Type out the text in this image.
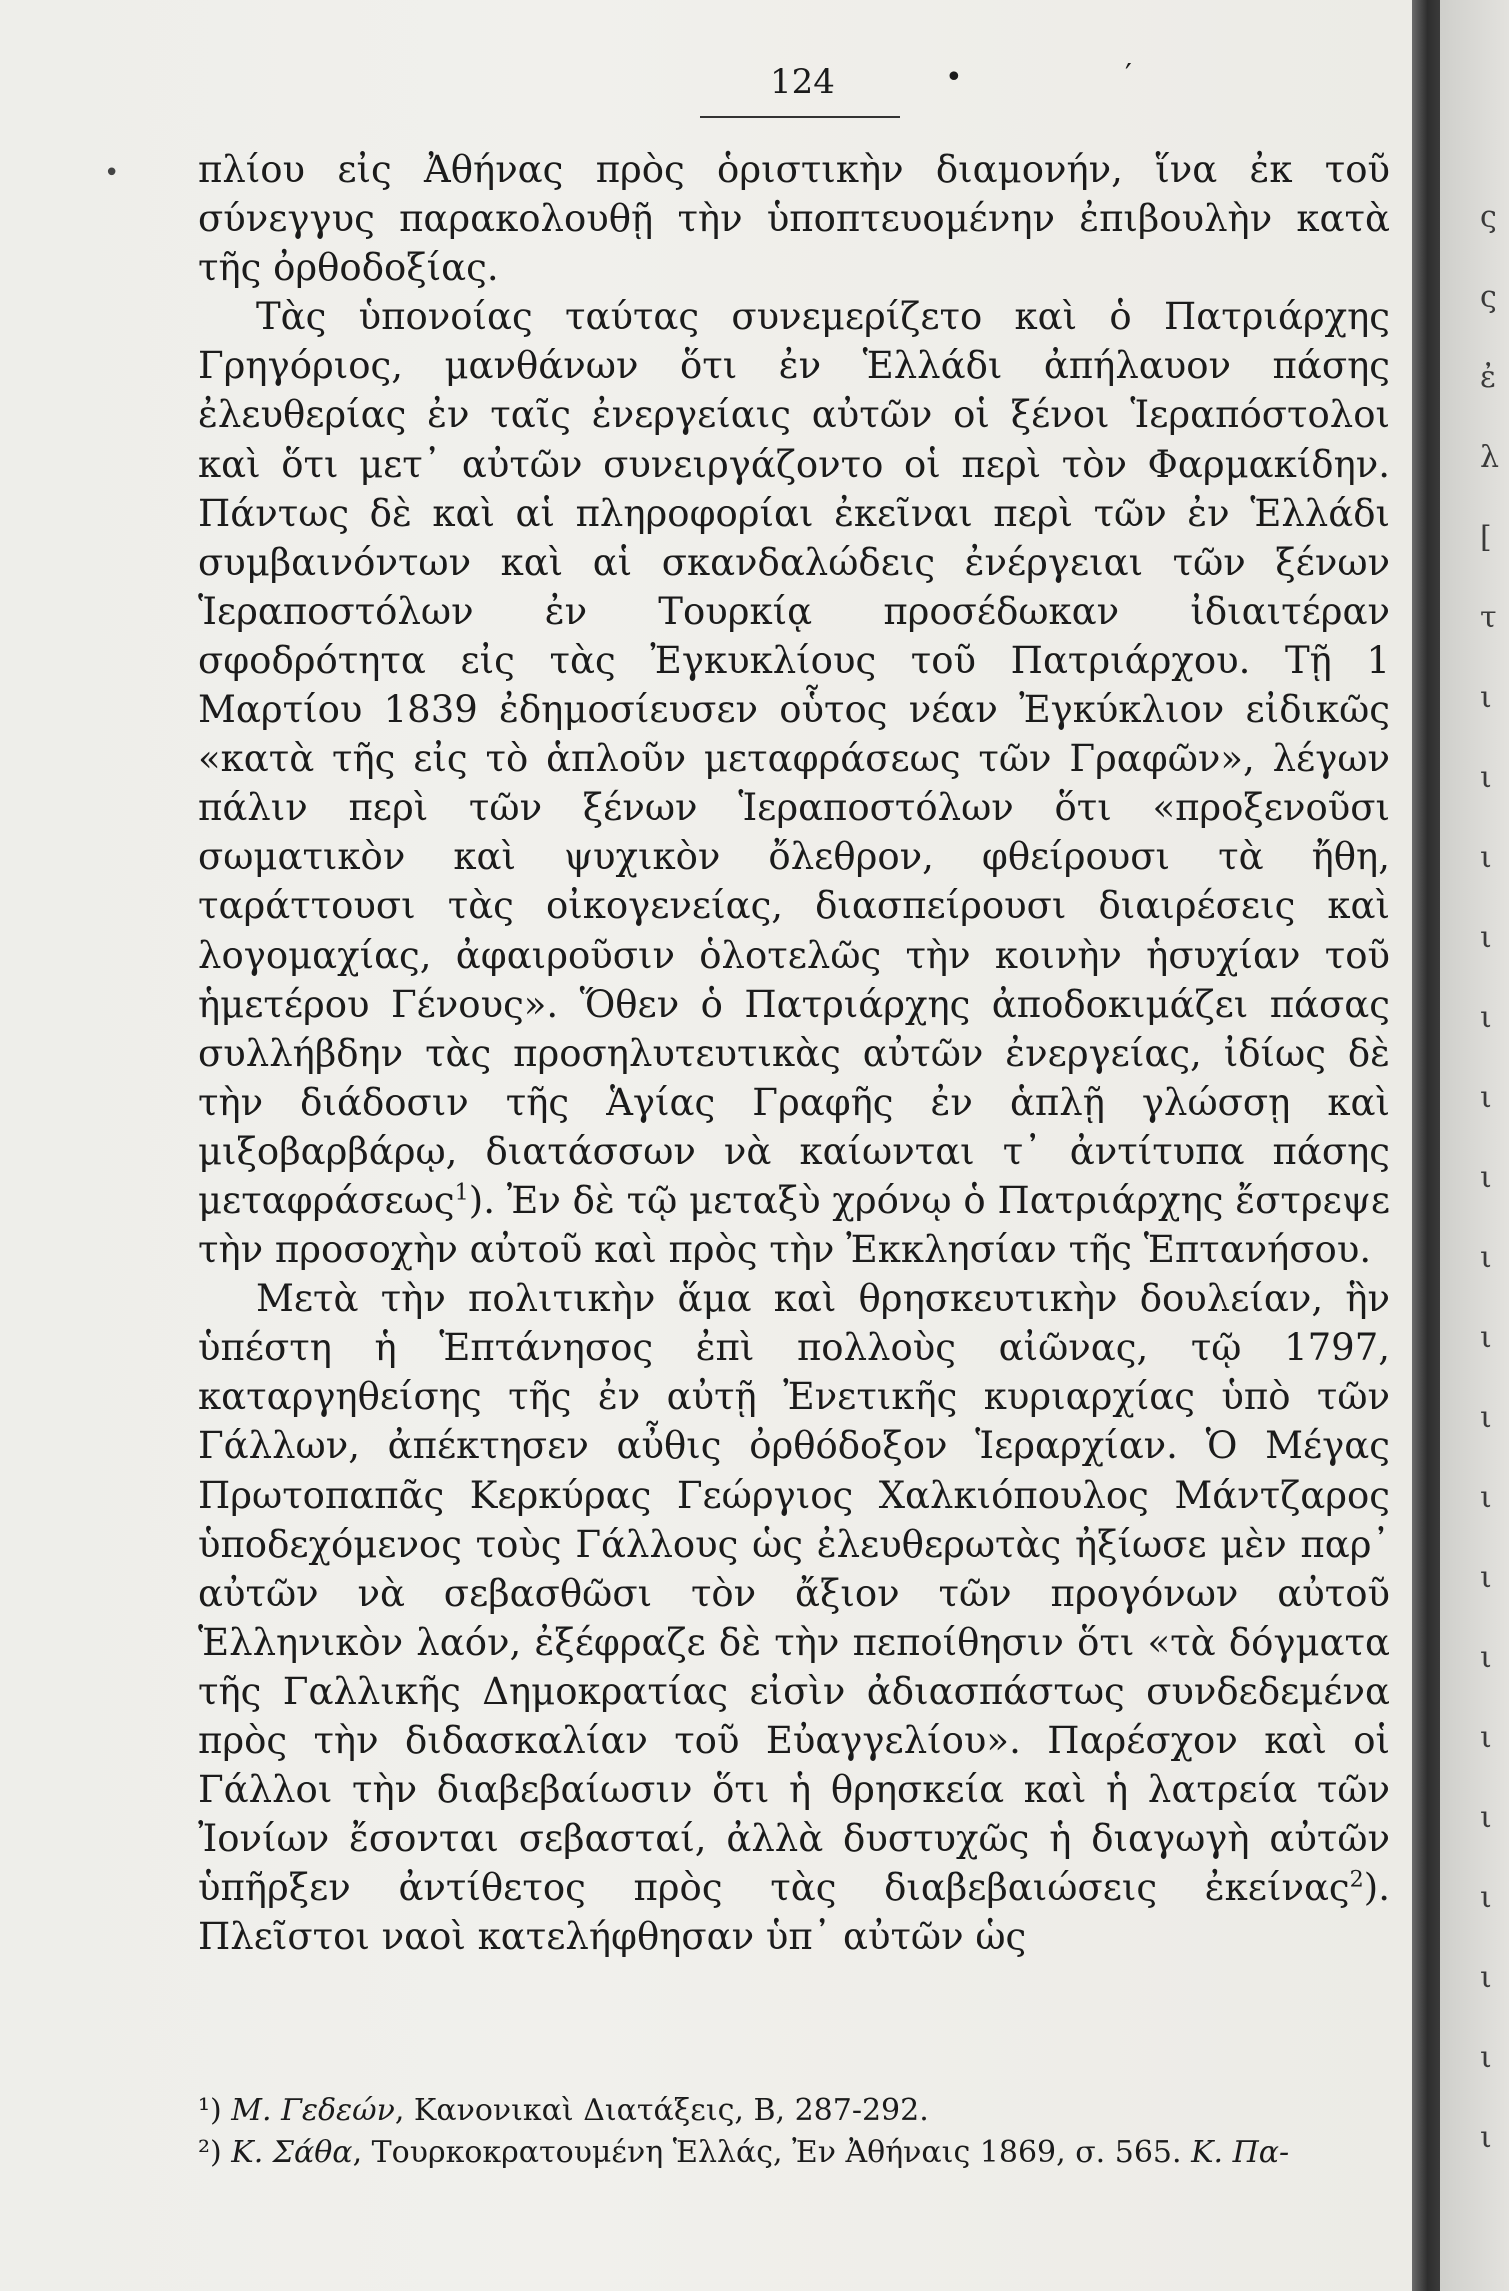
124	•	′
• πλίου εἰς Ἀθήνας πρὸς ὁριστικὴν διαμονήν, ἵνα ἐκ τοῦ σύνεγγυς παρακολουθῇ τὴν ὑποπτευομένην ἐπιβουλὴν κατὰ τῆς ὀρθοδοξίας.

Τὰς ὑπονοίας ταύτας συνεμερίζετο καὶ ὁ Πατριάρχης Γρηγόριος, μανθάνων ὅτι ἐν Ἑλλάδι ἀπήλαυον πάσης ἐλευθερίας ἐν ταῖς ἐνεργείαις αὐτῶν οἱ ξένοι Ἱεραπόστολοι καὶ ὅτι μετ᾽ αὐτῶν συνειργάζοντο οἱ περὶ τὸν Φαρμακίδην. Πάντως δὲ καὶ αἱ πληροφορίαι ἐκεῖναι περὶ τῶν ἐν Ἑλλάδι συμβαινόντων καὶ αἱ σκανδαλώδεις ἐνέργειαι τῶν ξένων Ἱεραποστόλων ἐν Τουρκίᾳ προσέδωκαν ἰδιαιτέραν σφοδρότητα εἰς τὰς Ἐγκυκλίους τοῦ Πατριάρχου. Τῇ 1 Μαρτίου 1839 ἐδημοσίευσεν οὗτος νέαν Ἐγκύκλιον εἰδικῶς «κατὰ τῆς εἰς τὸ ἁπλοῦν μεταφράσεως τῶν Γραφῶν», λέγων πάλιν περὶ τῶν ξένων Ἱεραποστόλων ὅτι «προξενοῦσι σωματικὸν καὶ ψυχικὸν ὄλεθρον, φθείρουσι τὰ ἤθη, ταράττουσι τὰς οἰκογενείας, διασπείρουσι διαιρέσεις καὶ λογομαχίας, ἀφαιροῦσιν ὁλοτελῶς τὴν κοινὴν ἡσυχίαν τοῦ ἡμετέρου Γένους». Ὅθεν ὁ Πατριάρχης ἀποδοκιμάζει πάσας συλλήβδην τὰς προσηλυτευτικὰς αὐτῶν ἐνεργείας, ἰδίως δὲ τὴν διάδοσιν τῆς Ἁγίας Γραφῆς ἐν ἁπλῇ γλώσσῃ καὶ μιξοβαρβάρῳ, διατάσσων νὰ καίωνται τ᾽ ἀντίτυπα πάσης μεταφράσεως$^1$). Ἐν δὲ τῷ μεταξὺ χρόνῳ ὁ Πατριάρχης ἔστρεψε τὴν προσοχὴν αὐτοῦ καὶ πρὸς τὴν Ἐκκλησίαν τῆς Ἑπτανήσου.

Μετὰ τὴν πολιτικὴν ἅμα καὶ θρησκευτικὴν δουλείαν, ἣν ὑπέστη ἡ Ἑπτάνησος ἐπὶ πολλοὺς αἰῶνας, τῷ 1797, καταργηθείσης τῆς ἐν αὐτῇ Ἐνετικῆς κυριαρχίας ὑπὸ τῶν Γάλλων, ἀπέκτησεν αὖθις ὀρθόδοξον Ἱεραρχίαν. Ὁ Μέγας Πρωτοπαπᾶς Κερκύρας Γεώργιος Χαλκιόπουλος Μάντζαρος ὑποδεχόμενος τοὺς Γάλλους ὡς ἐλευθερωτὰς ἠξίωσε μὲν παρ᾽ αὐτῶν νὰ σεβασθῶσι τὸν ἄξιον τῶν προγόνων αὐτοῦ Ἑλληνικὸν λαόν, ἐξέφραζε δὲ τὴν πεποίθησιν ὅτι «τὰ δόγματα τῆς Γαλλικῆς Δημοκρατίας εἰσὶν ἀδιασπάστως συνδεδεμένα πρὸς τὴν διδασκαλίαν τοῦ Εὐαγγελίου». Παρέσχον καὶ οἱ Γάλλοι τὴν διαβεβαίωσιν ὅτι ἡ θρησκεία καὶ ἡ λατρεία τῶν Ἰονίων ἔσονται σεβασταί, ἀλλὰ δυστυχῶς ἡ διαγωγὴ αὐτῶν ὑπῆρξεν ἀντίθετος πρὸς τὰς διαβεβαιώσεις ἐκείνας$^2$). Πλεῖστοι ναοὶ κατελήφθησαν ὑπ᾽ αὐτῶν ὡς

¹) Μ. Γεδεών, Κανονικαὶ Διατάξεις, Β, 287-292.

²) Κ. Σάθα, Τουρκοκρατουμένη Ἑλλάς, Ἐν Ἀθήναις 1869, σ. 565. Κ. Πα-

ς
ς
ἐ
λ
[
τ
ι
ι
ι
ι
ι
ι
ι
ι
ι
ι
ι
ι
ι
ι
ι
ι
ι
ι
ι
